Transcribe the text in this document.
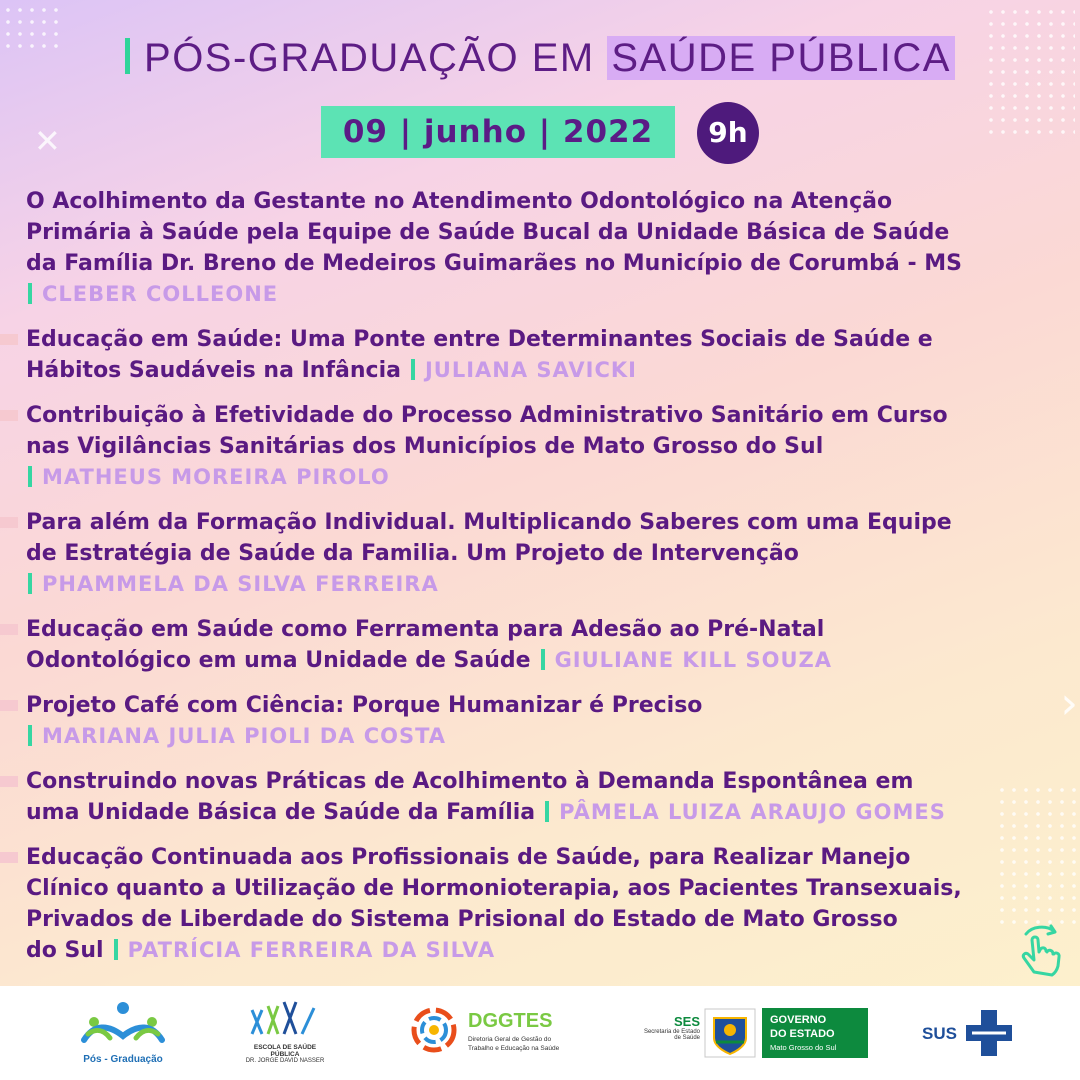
✕
›
PÓS-GRADUAÇÃO EM SAÚDE PÚBLICA
09 | junho | 2022	9h
O Acolhimento da Gestante no Atendimento Odontológico na Atenção
Primária à Saúde pela Equipe de Saúde Bucal da Unidade Básica de Saúde
da Família Dr. Breno de Medeiros Guimarães no Município de Corumbá - MS
CLEBER COLLEONE
Educação em Saúde: Uma Ponte entre Determinantes Sociais de Saúde e
Hábitos Saudáveis na Infância JULIANA SAVICKI
Contribuição à Efetividade do Processo Administrativo Sanitário em Curso
nas Vigilâncias Sanitárias dos Municípios de Mato Grosso do Sul
MATHEUS MOREIRA PIROLO
Para além da Formação Individual. Multiplicando Saberes com uma Equipe
de Estratégia de Saúde da Familia. Um Projeto de Intervenção
PHAMMELA DA SILVA FERREIRA
Educação em Saúde como Ferramenta para Adesão ao Pré-Natal
Odontológico em uma Unidade de Saúde GIULIANE KILL SOUZA
Projeto Café com Ciência: Porque Humanizar é Preciso
MARIANA JULIA PIOLI DA COSTA
Construindo novas Práticas de Acolhimento à Demanda Espontânea em
uma Unidade Básica de Saúde da Família PÂMELA LUIZA ARAUJO GOMES
Educação Continuada aos Profissionais de Saúde, para Realizar Manejo
Clínico quanto a Utilização de Hormonioterapia, aos Pacientes Transexuais,
Privados de Liberdade do Sistema Prisional do Estado de Mato Grosso
do Sul PATRÍCIA FERREIRA DA SILVA
Pós - Graduação
ESCOLA DE SAÚDE PÚBLICA
DR. JORGE DAVID NASSER
DGGTES
Diretoria Geral de Gestão do
Trabalho e Educação na Saúde
SES
Secretaria de Estado
de Saúde
GOVERNO
DO ESTADO
Mato Grosso do Sul
SUS
